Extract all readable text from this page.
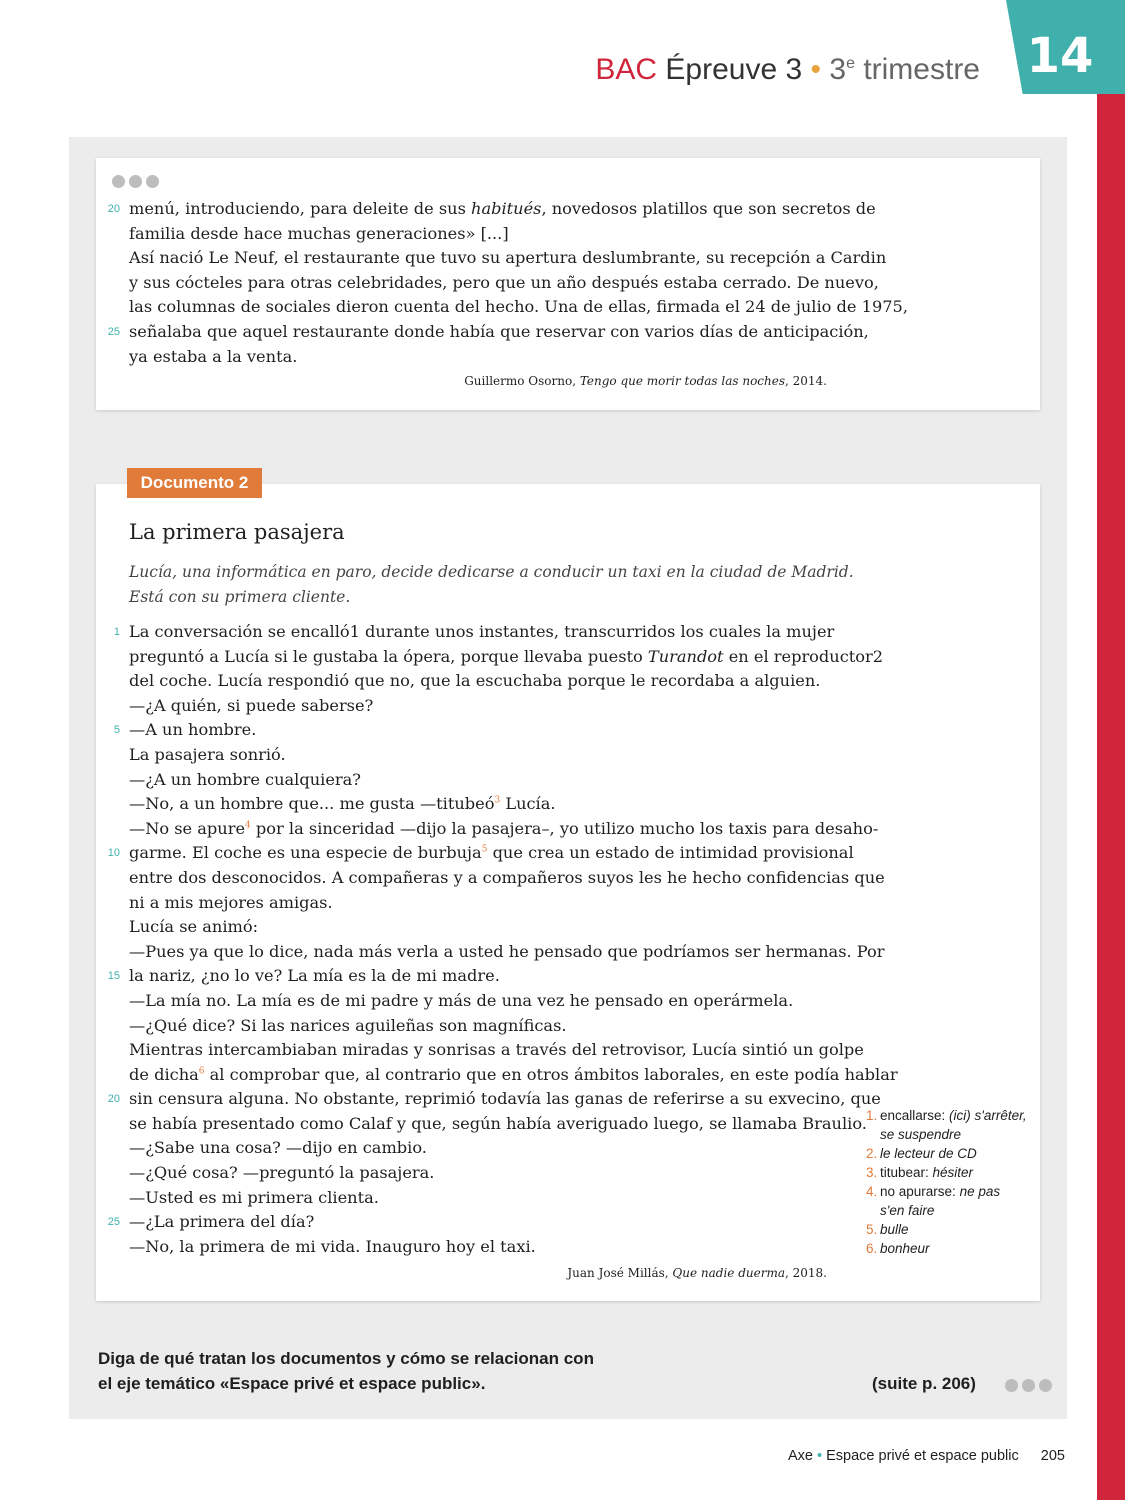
14
BAC Épreuve 3 • 3e trimestre
20 menú, introduciendo, para deleite de sus habitués, novedosos platillos que son secretos de
familia desde hace muchas generaciones» [...]
Así nació Le Neuf, el restaurante que tuvo su apertura deslumbrante, su recepción a Cardin
y sus cócteles para otras celebridades, pero que un año después estaba cerrado. De nuevo,
las columnas de sociales dieron cuenta del hecho. Una de ellas, firmada el 24 de julio de 1975,
25 señalaba que aquel restaurante donde había que reservar con varios días de anticipación,
ya estaba a la venta.
Guillermo Osorno, Tengo que morir todas las noches, 2014.
Documento 2
La primera pasajera
Lucía, una informática en paro, decide dedicarse a conducir un taxi en la ciudad de Madrid.
Está con su primera cliente.
1 La conversación se encalló1 durante unos instantes, transcurridos los cuales la mujer
preguntó a Lucía si le gustaba la ópera, porque llevaba puesto Turandot en el reproductor2
del coche. Lucía respondió que no, que la escuchaba porque le recordaba a alguien.
—¿A quién, si puede saberse?
5 —A un hombre.
La pasajera sonrió.
—¿A un hombre cualquiera?
—No, a un hombre que... me gusta —titubeó$^3$ Lucía.
—No se apure$^4$ por la sinceridad —dijo la pasajera–, yo utilizo mucho los taxis para desaho-
10 garme. El coche es una especie de burbuja$^5$ que crea un estado de intimidad provisional
entre dos desconocidos. A compañeras y a compañeros suyos les he hecho confidencias que
ni a mis mejores amigas.
Lucía se animó:
—Pues ya que lo dice, nada más verla a usted he pensado que podríamos ser hermanas. Por
15 la nariz, ¿no lo ve? La mía es la de mi madre.
—La mía no. La mía es de mi padre y más de una vez he pensado en operármela.
—¿Qué dice? Si las narices aguileñas son magníficas.
Mientras intercambiaban miradas y sonrisas a través del retrovisor, Lucía sintió un golpe
de dicha$^6$ al comprobar que, al contrario que en otros ámbitos laborales, en este podía hablar
20 sin censura alguna. No obstante, reprimió todavía las ganas de referirse a su exvecino, que
se había presentado como Calaf y que, según había averiguado luego, se llamaba Braulio.
—¿Sabe una cosa? —dijo en cambio.
—¿Qué cosa? —preguntó la pasajera.
—Usted es mi primera clienta.
25 —¿La primera del día?
—No, la primera de mi vida. Inauguro hoy el taxi.
Juan José Millás, Que nadie duerma, 2018.
1. encallarse: (ici) s'arrêter,
se suspendre
2. le lecteur de CD
3. titubear: hésiter
4. no apurarse: ne pas
s'en faire
5. bulle
6. bonheur
Diga de qué tratan los documentos y cómo se relacionan con
el eje temático «Espace privé et espace public».	(suite p. 206)
Axe • Espace privé et espace public 205
